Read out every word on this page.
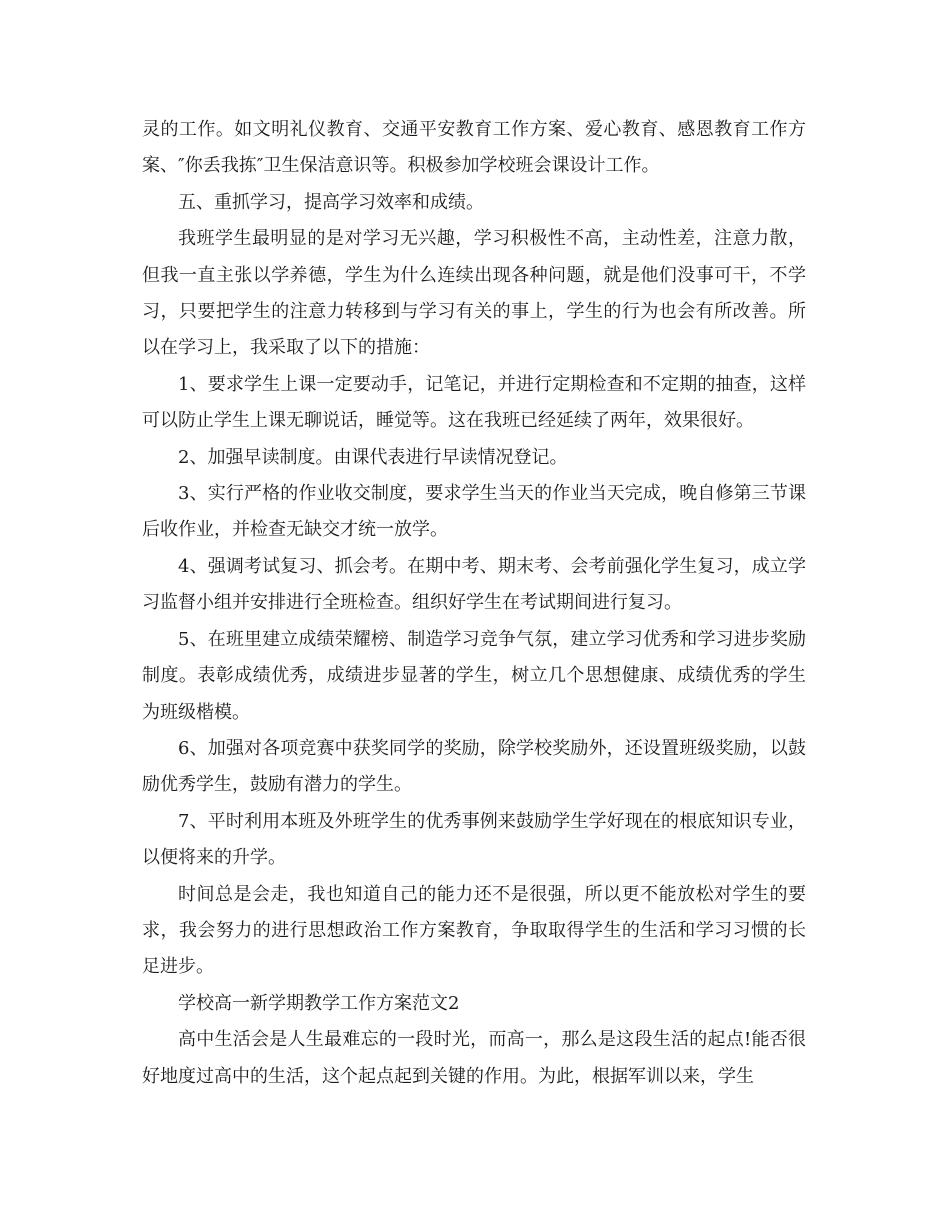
灵的工作。如文明礼仪教育、交通平安教育工作方案、爱心教育、感恩教育工作方案、″你丢我拣″卫生保洁意识等。积极参加学校班会课设计工作。

五、重抓学习，提高学习效率和成绩。

我班学生最明显的是对学习无兴趣，学习积极性不高，主动性差，注意力散，但我一直主张以学养德，学生为什么连续出现各种问题，就是他们没事可干，不学习，只要把学生的注意力转移到与学习有关的事上，学生的行为也会有所改善。所以在学习上，我采取了以下的措施：

1、要求学生上课一定要动手，记笔记，并进行定期检查和不定期的抽查，这样可以防止学生上课无聊说话，睡觉等。这在我班已经延续了两年，效果很好。

2、加强早读制度。由课代表进行早读情况登记。

3、实行严格的作业收交制度，要求学生当天的作业当天完成，晚自修第三节课后收作业，并检查无缺交才统一放学。

4、强调考试复习、抓会考。在期中考、期末考、会考前强化学生复习，成立学习监督小组并安排进行全班检查。组织好学生在考试期间进行复习。

5、在班里建立成绩荣耀榜、制造学习竞争气氛，建立学习优秀和学习进步奖励制度。表彰成绩优秀，成绩进步显著的学生，树立几个思想健康、成绩优秀的学生为班级楷模。

6、加强对各项竞赛中获奖同学的奖励，除学校奖励外，还设置班级奖励，以鼓励优秀学生，鼓励有潜力的学生。

7、平时利用本班及外班学生的优秀事例来鼓励学生学好现在的根底知识专业，以便将来的升学。

时间总是会走，我也知道自己的能力还不是很强，所以更不能放松对学生的要求，我会努力的进行思想政治工作方案教育，争取取得学生的生活和学习习惯的长足进步。

学校高一新学期教学工作方案范文2

高中生活会是人生最难忘的一段时光，而高一，那么是这段生活的起点!能否很好地度过高中的生活，这个起点起到关键的作用。为此，根据军训以来，学生
